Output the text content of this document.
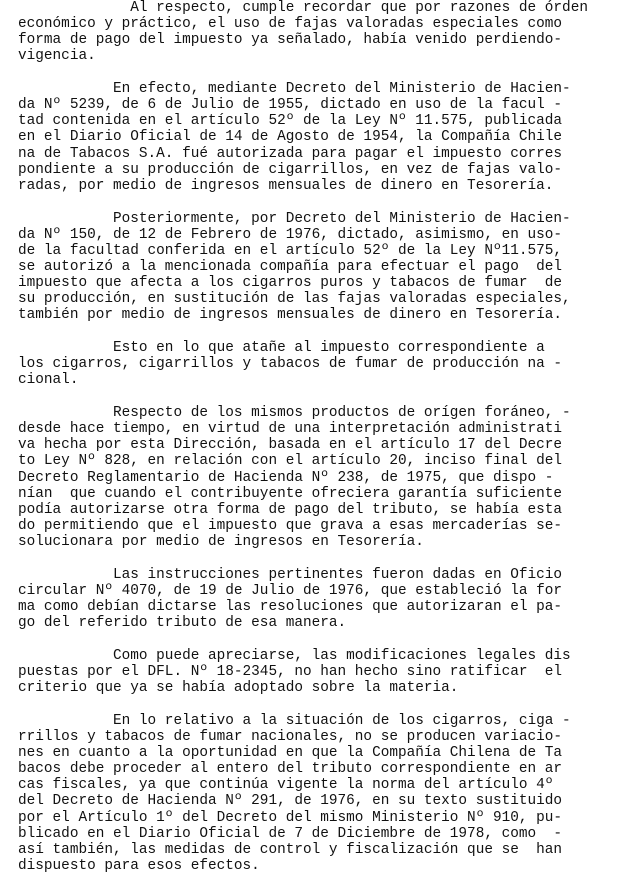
Al respecto, cumple recordar que por razones de órden
económico y práctico, el uso de fajas valoradas especiales como
forma de pago del impuesto ya señalado, había venido perdiendo-
vigencia.
En efecto, mediante Decreto del Ministerio de Hacien-
da Nº 5239, de 6 de Julio de 1955, dictado en uso de la facul -
tad contenida en el artículo 52º de la Ley Nº 11.575, publicada
en el Diario Oficial de 14 de Agosto de 1954, la Compañía Chile
na de Tabacos S.A. fué autorizada para pagar el impuesto corres
pondiente a su producción de cigarrillos, en vez de fajas valo-
radas, por medio de ingresos mensuales de dinero en Tesorería.
Posteriormente, por Decreto del Ministerio de Hacien-
da Nº 150, de 12 de Febrero de 1976, dictado, asimismo, en uso-
de la facultad conferida en el artículo 52º de la Ley Nº11.575,
se autorizó a la mencionada compañía para efectuar el pago  del
impuesto que afecta a los cigarros puros y tabacos de fumar  de
su producción, en sustitución de las fajas valoradas especiales,
también por medio de ingresos mensuales de dinero en Tesorería.
Esto en lo que atañe al impuesto correspondiente a
los cigarros, cigarrillos y tabacos de fumar de producción na -
cional.
Respecto de los mismos productos de orígen foráneo, -
desde hace tiempo, en virtud de una interpretación administrati
va hecha por esta Dirección, basada en el artículo 17 del Decre
to Ley Nº 828, en relación con el artículo 20, inciso final del
Decreto Reglamentario de Hacienda Nº 238, de 1975, que dispo -
nían  que cuando el contribuyente ofreciera garantía suficiente
podía autorizarse otra forma de pago del tributo, se había esta
do permitiendo que el impuesto que grava a esas mercaderías se-
solucionara por medio de ingresos en Tesorería.
Las instrucciones pertinentes fueron dadas en Oficio
circular Nº 4070, de 19 de Julio de 1976, que estableció la for
ma como debían dictarse las resoluciones que autorizaran el pa-
go del referido tributo de esa manera.
Como puede apreciarse, las modificaciones legales dis
puestas por el DFL. Nº 18-2345, no han hecho sino ratificar  el
criterio que ya se había adoptado sobre la materia.
En lo relativo a la situación de los cigarros, ciga -
rrillos y tabacos de fumar nacionales, no se producen variacio-
nes en cuanto a la oportunidad en que la Compañía Chilena de Ta
bacos debe proceder al entero del tributo correspondiente en ar
cas fiscales, ya que continúa vigente la norma del artículo 4º
del Decreto de Hacienda Nº 291, de 1976, en su texto sustituido
por el Artículo 1º del Decreto del mismo Ministerio Nº 910, pu-
blicado en el Diario Oficial de 7 de Diciembre de 1978, como  -
así también, las medidas de control y fiscalización que se  han
dispuesto para esos efectos.
